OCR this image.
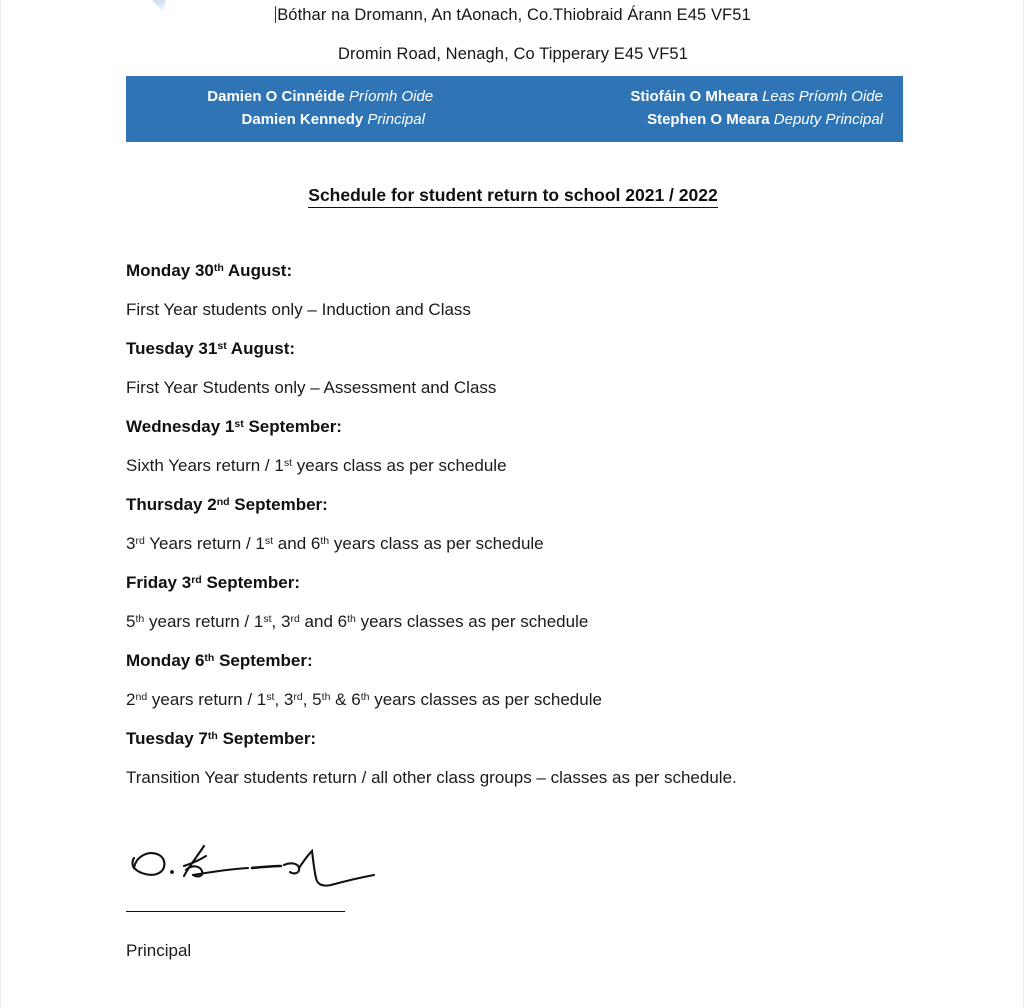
Bóthar na Dromann, An tAonach, Co.Thiobraid Árann E45 VF51
Dromin Road, Nenagh, Co Tipperary E45 VF51
Damien O Cinnéide Príomh Oide
Damien Kennedy Principal
Stiofáin O Mheara Leas Príomh Oide
Stephen O Meara Deputy Principal
Schedule for student return to school 2021 / 2022
Monday 30th August:
First Year students only – Induction and Class
Tuesday 31st August:
First Year Students only – Assessment and Class
Wednesday 1st September:
Sixth Years return / 1st years class as per schedule
Thursday 2nd September:
3rd Years return / 1st and 6th years class as per schedule
Friday 3rd September:
5th years return / 1st, 3rd and 6th years classes as per schedule
Monday 6th September:
2nd years return / 1st, 3rd, 5th & 6th years classes as per schedule
Tuesday 7th September:
Transition Year students return / all other class groups – classes as per schedule.
Principal
